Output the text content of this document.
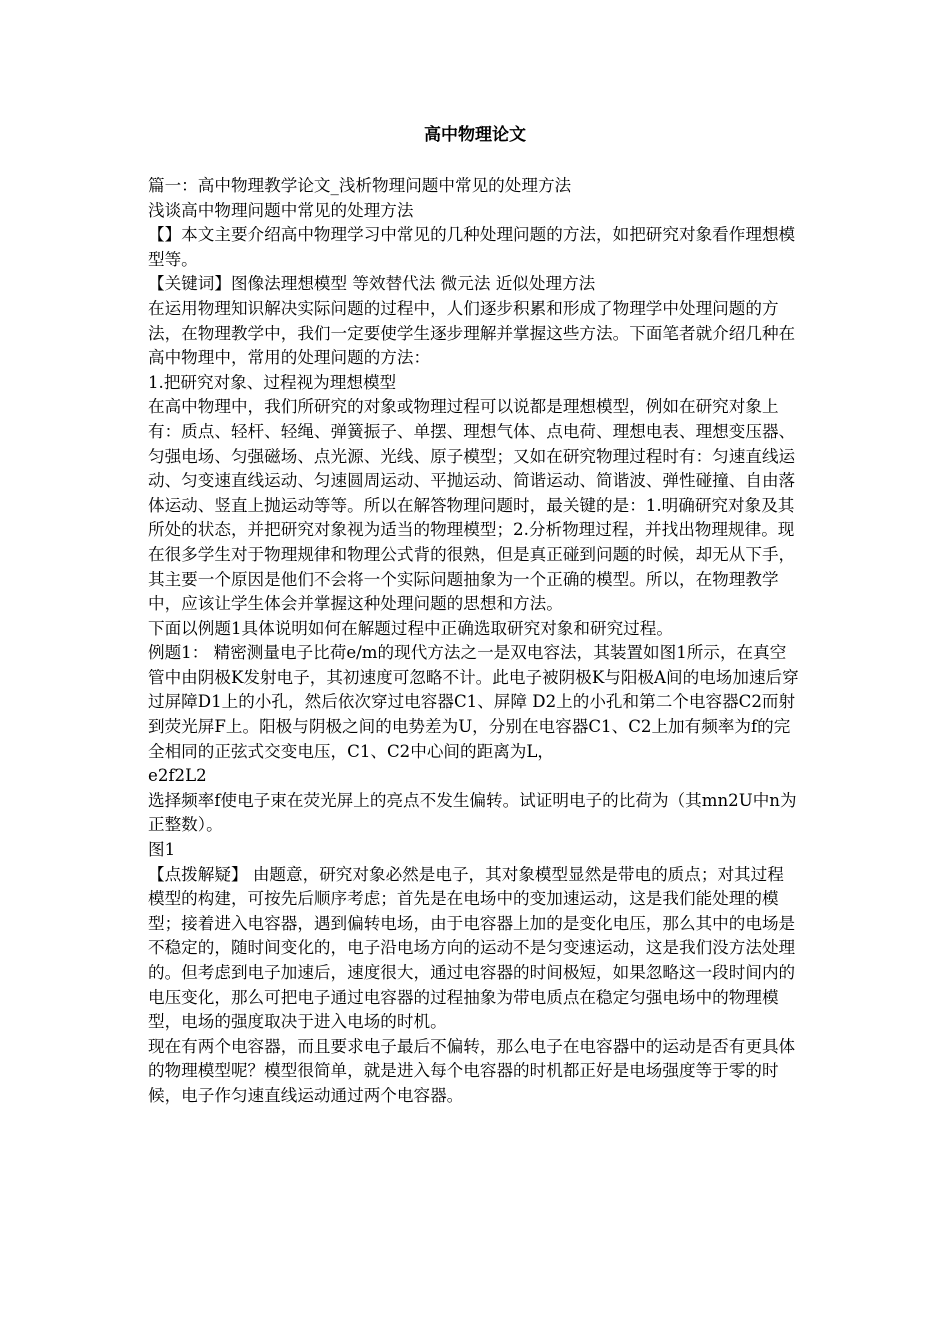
高中物理论文

篇一：高中物理教学论文_浅析物理问题中常见的处理方法

浅谈高中物理问题中常见的处理方法

【】本文主要介绍高中物理学习中常见的几种处理问题的方法，如把研究对象看作理想模型等。

【关键词】图像法理想模型 等效替代法 微元法 近似处理方法

在运用物理知识解决实际问题的过程中，人们逐步积累和形成了物理学中处理问题的方法，在物理教学中，我们一定要使学生逐步理解并掌握这些方法。下面笔者就介绍几种在高中物理中，常用的处理问题的方法：

1.把研究对象、过程视为理想模型

在高中物理中，我们所研究的对象或物理过程可以说都是理想模型，例如在研究对象上有：质点、轻杆、轻绳、弹簧振子、单摆、理想气体、点电荷、理想电表、理想变压器、匀强电场、匀强磁场、点光源、光线、原子模型；又如在研究物理过程时有：匀速直线运动、匀变速直线运动、匀速圆周运动、平抛运动、简谐运动、简谐波、弹性碰撞、自由落体运动、竖直上抛运动等等。所以在解答物理问题时，最关键的是：1.明确研究对象及其所处的状态，并把研究对象视为适当的物理模型；2.分析物理过程，并找出物理规律。现在很多学生对于物理规律和物理公式背的很熟，但是真正碰到问题的时候，却无从下手，其主要一个原因是他们不会将一个实际问题抽象为一个正确的模型。所以，在物理教学中，应该让学生体会并掌握这种处理问题的思想和方法。

下面以例题1具体说明如何在解题过程中正确选取研究对象和研究过程。

例题1： 精密测量电子比荷e/m的现代方法之一是双电容法，其装置如图1所示，在真空管中由阴极K发射电子，其初速度可忽略不计。此电子被阴极K与阳极A间的电场加速后穿过屏障D1上的小孔，然后依次穿过电容器C1、屏障 D2上的小孔和第二个电容器C2而射到荧光屏F上。阳极与阴极之间的电势差为U，分别在电容器C1、C2上加有频率为f的完全相同的正弦式交变电压，C1、C2中心间的距离为L，

e2f2L2

选择频率f使电子束在荧光屏上的亮点不发生偏转。试证明电子的比荷为（其mn2U中n为正整数）。

图1

【点拨解疑】 由题意，研究对象必然是电子，其对象模型显然是带电的质点；对其过程模型的构建，可按先后顺序考虑；首先是在电场中的变加速运动，这是我们能处理的模型；接着进入电容器，遇到偏转电场，由于电容器上加的是变化电压，那么其中的电场是不稳定的，随时间变化的，电子沿电场方向的运动不是匀变速运动，这是我们没方法处理的。但考虑到电子加速后，速度很大，通过电容器的时间极短，如果忽略这一段时间内的电压变化，那么可把电子通过电容器的过程抽象为带电质点在稳定匀强电场中的物理模型，电场的强度取决于进入电场的时机。

现在有两个电容器，而且要求电子最后不偏转，那么电子在电容器中的运动是否有更具体的物理模型呢？模型很简单，就是进入每个电容器的时机都正好是电场强度等于零的时候，电子作匀速直线运动通过两个电容器。
